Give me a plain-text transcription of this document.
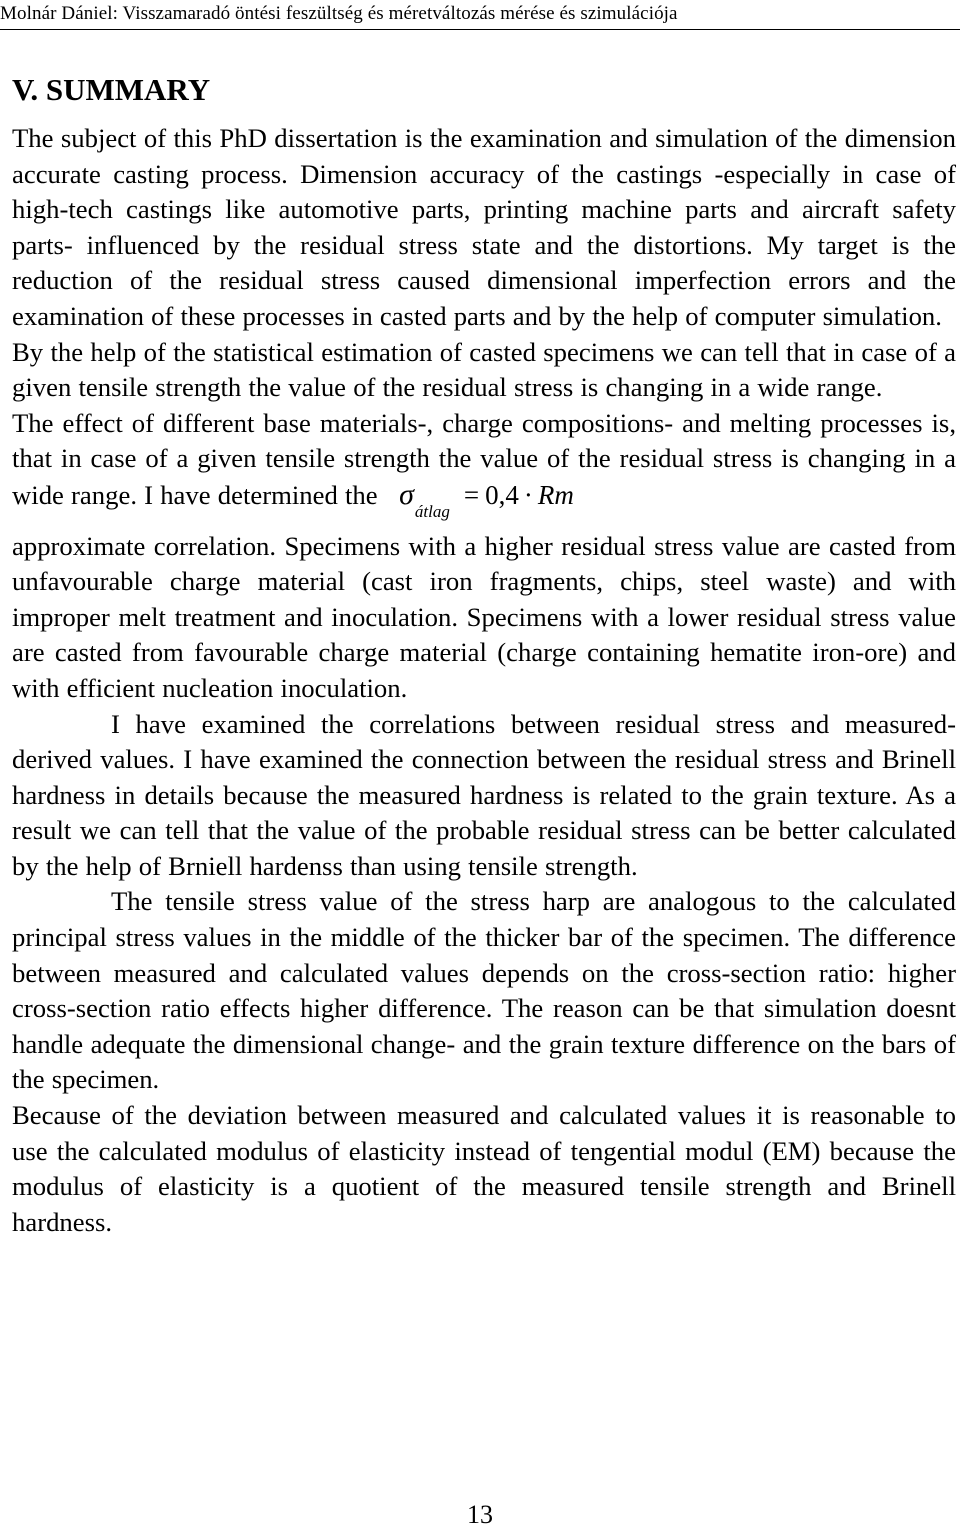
Molnár Dániel: Visszamaradó öntési feszültség és méretváltozás mérése és szimulációja
V. SUMMARY

The subject of this PhD dissertation is the examination and simulation of the dimension accurate casting process. Dimension accuracy of the castings -especially in case of high-tech castings like automotive parts, printing machine parts and aircraft safety parts- influenced by the residual stress state and the distortions. My target is the reduction of the residual stress caused dimensional imperfection errors and the examination of these processes in casted parts and by the help of computer simulation.

By the help of the statistical estimation of casted specimens we can tell that in case of a given tensile strength the value of the residual stress is changing in a wide range.

The effect of different base materials-, charge compositions- and melting processes is, that in case of a given tensile strength the value of the residual stress is changing in a wide range. I have determined the $\sigma_{átlag}= 0,4 \cdot Rm$

approximate correlation. Specimens with a higher residual stress value are casted from unfavourable charge material (cast iron fragments, chips, steel waste) and with improper melt treatment and inoculation. Specimens with a lower residual stress value are casted from favourable charge material (charge containing hematite iron-ore) and with efficient nucleation inoculation.

I have examined the correlations between residual stress and measured-derived values. I have examined the connection between the residual stress and Brinell hardness in details because the measured hardness is related to the grain texture. As a result we can tell that the value of the probable residual stress can be better calculated by the help of Brniell hardenss than using tensile strength.

The tensile stress value of the stress harp are analogous to the calculated principal stress values in the middle of the thicker bar of the specimen. The difference between measured and calculated values depends on the cross-section ratio: higher cross-section ratio effects higher difference. The reason can be that simulation doesnt handle adequate the dimensional change- and the grain texture difference on the bars of the specimen.

Because of the deviation between measured and calculated values it is reasonable to use the calculated modulus of elasticity instead of tengential modul (EM) because the modulus of elasticity is a quotient of the measured tensile strength and Brinell hardness.

13
